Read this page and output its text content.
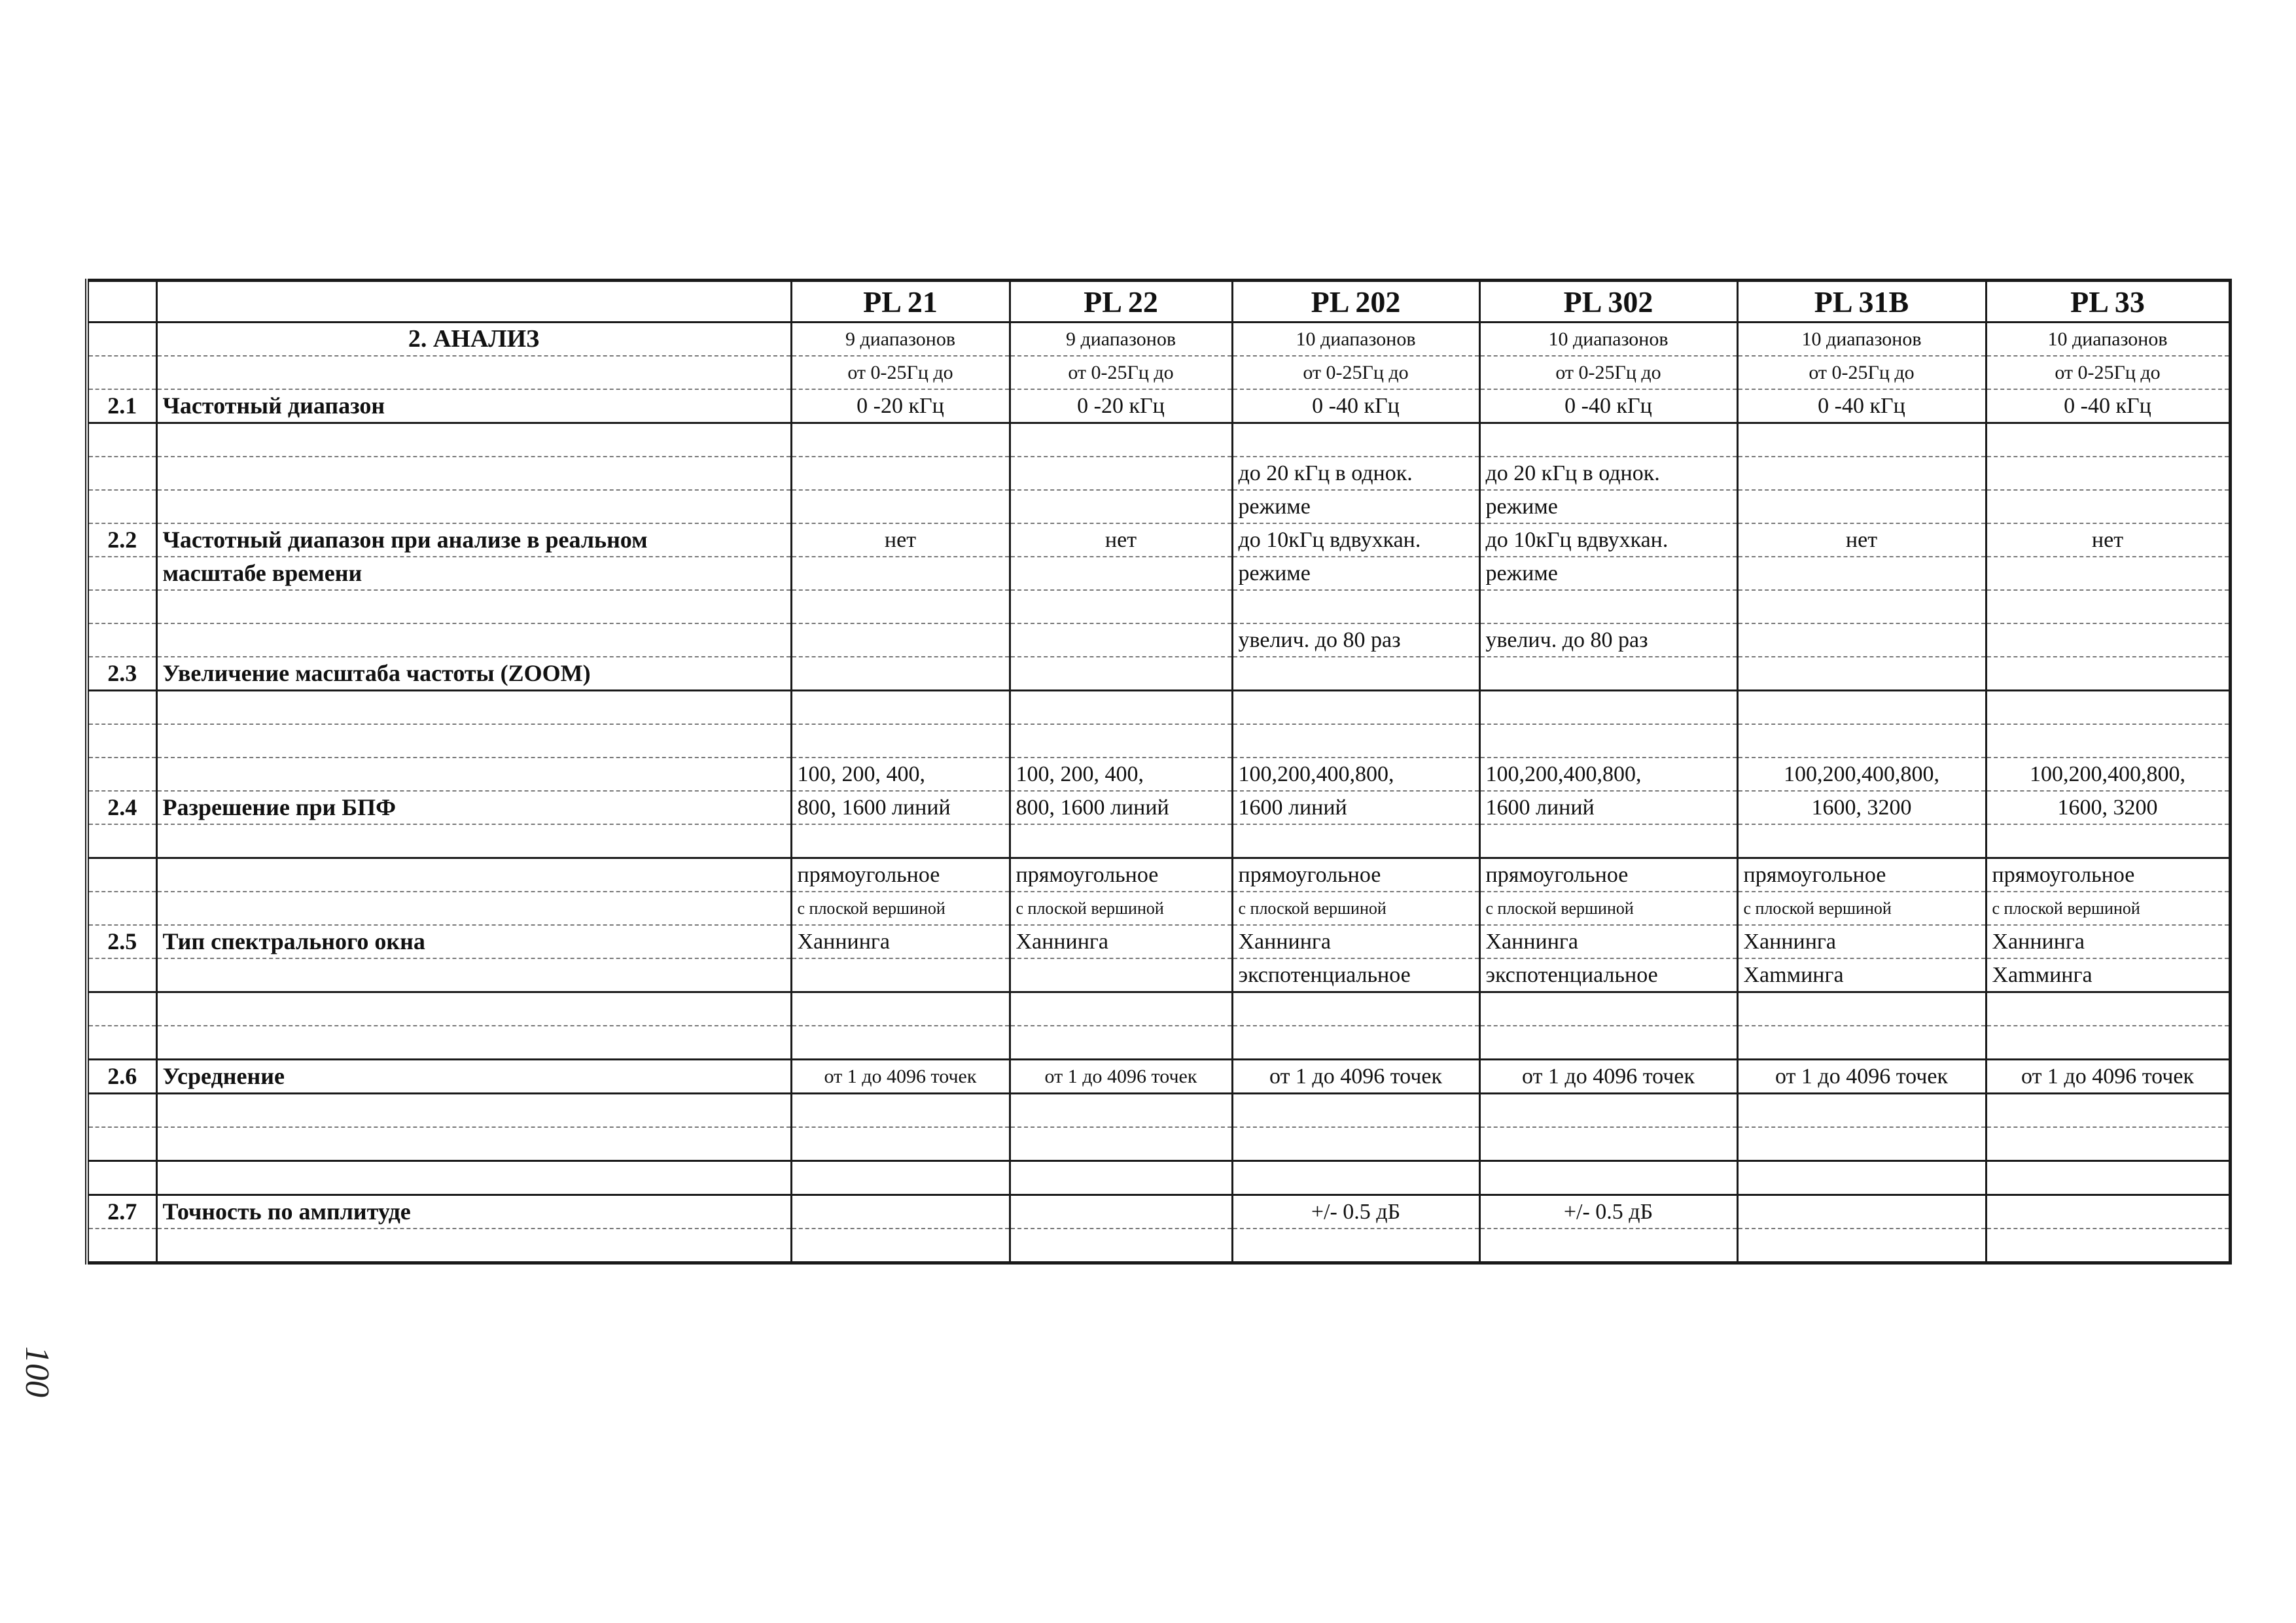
		PL 21	PL 22	PL 202	PL 302	PL 31B	PL 33
	2. АНАЛИЗ	9 диапазонов	9 диапазонов	10 диапазонов	10 диапазонов	10 диапазонов	10 диапазонов
		от 0-25Гц до	от 0-25Гц до	от 0-25Гц до	от 0-25Гц до	от 0-25Гц до	от 0-25Гц до
2.1	Частотный диапазон	0 -20 кГц	0 -20 кГц	0 -40 кГц	0 -40 кГц	0 -40 кГц	0 -40 кГц

				до 20 кГц в однок.	до 20 кГц в однок.		
				режиме	режиме		
2.2	Частотный диапазон при анализе в реальном	нет	нет	до 10кГц вдвухкан.	до 10кГц вдвухкан.	нет	нет
	масштабе времени			режиме	режиме		

				увелич. до 80 раз	увелич. до 80 раз		
2.3	Увеличение масштаба частоты (ZOOM)						

		100, 200, 400,	100, 200, 400,	100,200,400,800,	100,200,400,800,	100,200,400,800,	100,200,400,800,
2.4	Разрешение при БПФ	800, 1600 линий	800, 1600 линий	1600 линий	1600 линий	1600, 3200	1600, 3200

		прямоугольное	прямоугольное	прямоугольное	прямоугольное	прямоугольное	прямоугольное
		с плоской вершиной	с плоской вершиной	с плоской вершиной	с плоской вершиной	с плоской вершиной	с плоской вершиной
2.5	Тип спектрального окна	Ханнинга	Ханнинга	Ханнинга	Ханнинга	Ханнинга	Ханнинга
				экспотенциальное	экспотенциальное	Хamминга	Хamминга

2.6	Усреднение	от 1 до 4096 точек	от 1 до 4096 точек	от 1 до 4096 точек	от 1 до 4096 точек	от 1 до 4096 точек	от 1 до 4096 точек

2.7	Точность по амплитуде			+/- 0.5 дБ	+/- 0.5 дБ		

100
